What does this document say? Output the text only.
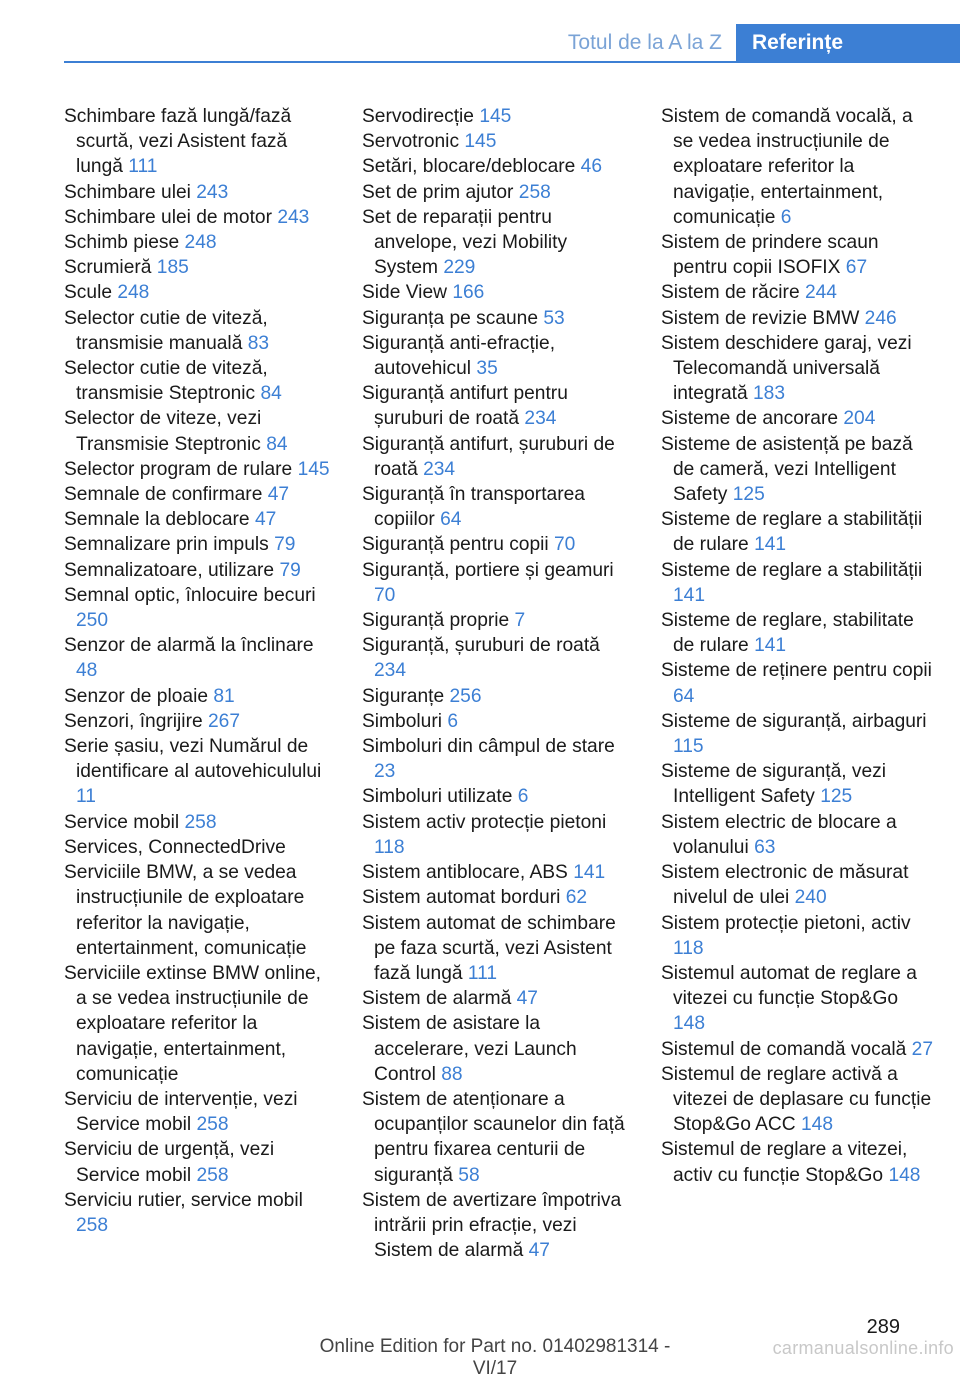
Totul de la A la Z	Referințe

Schimbare fază lungă/fază scurtă, vezi Asistent fază lungă 111

Schimbare ulei 243

Schimbare ulei de motor 243

Schimb piese 248

Scrumieră 185

Scule 248

Selector cutie de viteză, transmisie manuală 83

Selector cutie de viteză, transmisie Steptronic 84

Selector de viteze, vezi Transmisie Steptronic 84

Selector program de rulare 145

Semnale de confirmare 47

Semnale la deblocare 47

Semnalizare prin impuls 79

Semnalizatoare, utilizare 79

Semnal optic, înlocuire becuri 250

Senzor de alarmă la înclinare 48

Senzor de ploaie 81

Senzori, îngrijire 267

Serie șasiu, vezi Numărul de identificare al autovehiculului 11

Service mobil 258

Services, ConnectedDrive

Serviciile BMW, a se vedea instrucțiunile de exploatare referitor la navigație, entertainment, comunicație

Serviciile extinse BMW online, a se vedea instrucțiunile de exploatare referitor la navigație, entertainment, comunicație

Serviciu de intervenție, vezi Service mobil 258

Serviciu de urgență, vezi Service mobil 258

Serviciu rutier, service mobil 258

Servodirecție 145

Servotronic 145

Setări, blocare/deblocare 46

Set de prim ajutor 258

Set de reparații pentru anvelope, vezi Mobility System 229

Side View 166

Siguranța pe scaune 53

Siguranță anti-efracție, autovehicul 35

Siguranță antifurt pentru șuruburi de roată 234

Siguranță antifurt, șuruburi de roată 234

Siguranță în transportarea copiilor 64

Siguranță pentru copii 70

Siguranță, portiere și geamuri 70

Siguranță proprie 7

Siguranță, șuruburi de roată 234

Siguranțe 256

Simboluri 6

Simboluri din câmpul de stare 23

Simboluri utilizate 6

Sistem activ protecție pietoni 118

Sistem antiblocare, ABS 141

Sistem automat borduri 62

Sistem automat de schimbare pe faza scurtă, vezi Asistent fază lungă 111

Sistem de alarmă 47

Sistem de asistare la accelerare, vezi Launch Control 88

Sistem de atenționare a ocupanților scaunelor din față pentru fixarea centurii de siguranță 58

Sistem de avertizare împotriva intrării prin efracție, vezi Sistem de alarmă 47

Sistem de comandă vocală, a se vedea instrucțiunile de exploatare referitor la navigație, entertainment, comunicație 6

Sistem de prindere scaun pentru copii ISOFIX 67

Sistem de răcire 244

Sistem de revizie BMW 246

Sistem deschidere garaj, vezi Telecomandă universală integrată 183

Sisteme de ancorare 204

Sisteme de asistență pe bază de cameră, vezi Intelligent Safety 125

Sisteme de reglare a stabilității de rulare 141

Sisteme de reglare a stabilității 141

Sisteme de reglare, stabilitate de rulare 141

Sisteme de reținere pentru copii 64

Sisteme de siguranță, airbaguri 115

Sisteme de siguranță, vezi Intelligent Safety 125

Sistem electric de blocare a volanului 63

Sistem electronic de măsurat nivelul de ulei 240

Sistem protecție pietoni, activ 118

Sistemul automat de reglare a vitezei cu funcție Stop&Go 148

Sistemul de comandă vocală 27

Sistemul de reglare activă a vitezei de deplasare cu funcție Stop&Go ACC 148

Sistemul de reglare a vitezei, activ cu funcție Stop&Go 148

289
Online Edition for Part no. 01402981314 - VI/17
carmanualsonline.info
